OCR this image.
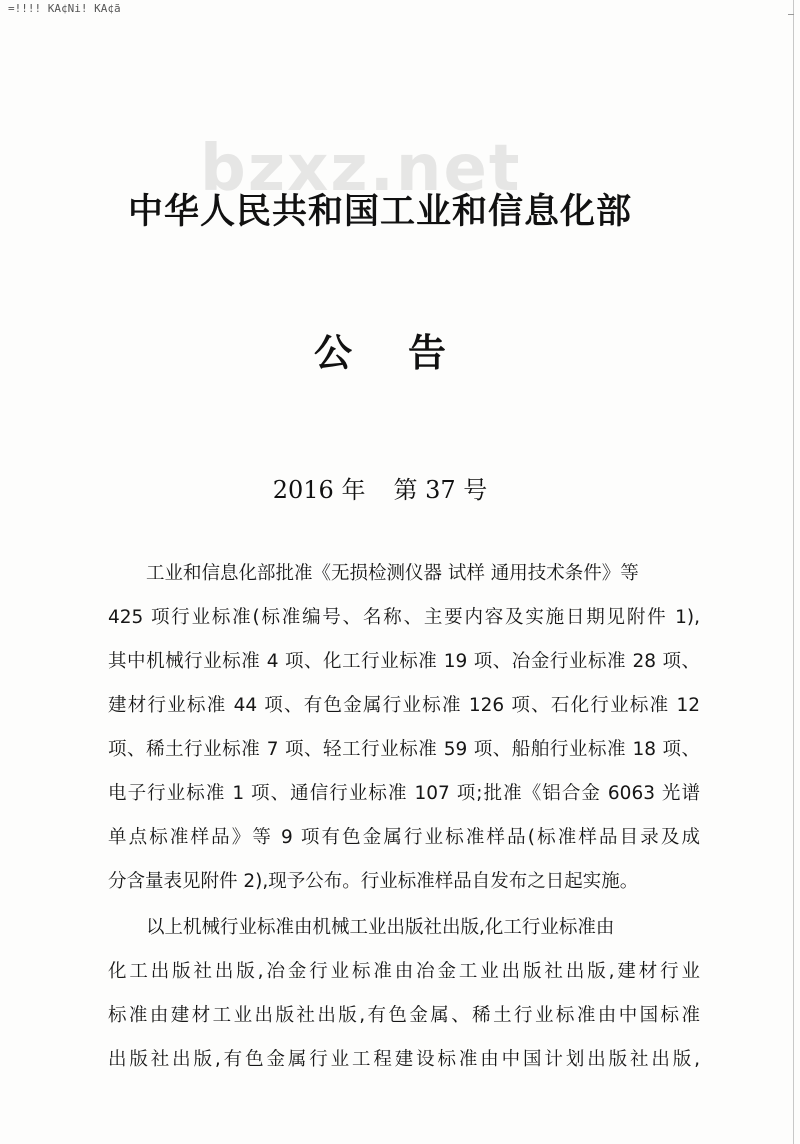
=!!!! KA¢Ni! KA¢ã
bzxz.net
中华人民共和国工业和信息化部
公告
2016 年 第 37 号
工业和信息化部批准《无损检测仪器 试样 通用技术条件》等
425 项行业标准(标准编号、名称、主要内容及实施日期见附件 1),
其中机械行业标准 4 项、化工行业标准 19 项、冶金行业标准 28 项、
建材行业标准 44 项、有色金属行业标准 126 项、石化行业标准 12
项、稀土行业标准 7 项、轻工行业标准 59 项、船舶行业标准 18 项、
电子行业标准 1 项、通信行业标准 107 项;批准《铝合金 6063 光谱
单点标准样品》等 9 项有色金属行业标准样品(标准样品目录及成
分含量表见附件 2),现予公布。行业标准样品自发布之日起实施。
以上机械行业标准由机械工业出版社出版,化工行业标准由
化工出版社出版,冶金行业标准由冶金工业出版社出版,建材行业
标准由建材工业出版社出版,有色金属、稀土行业标准由中国标准
出版社出版,有色金属行业工程建设标准由中国计划出版社出版,
